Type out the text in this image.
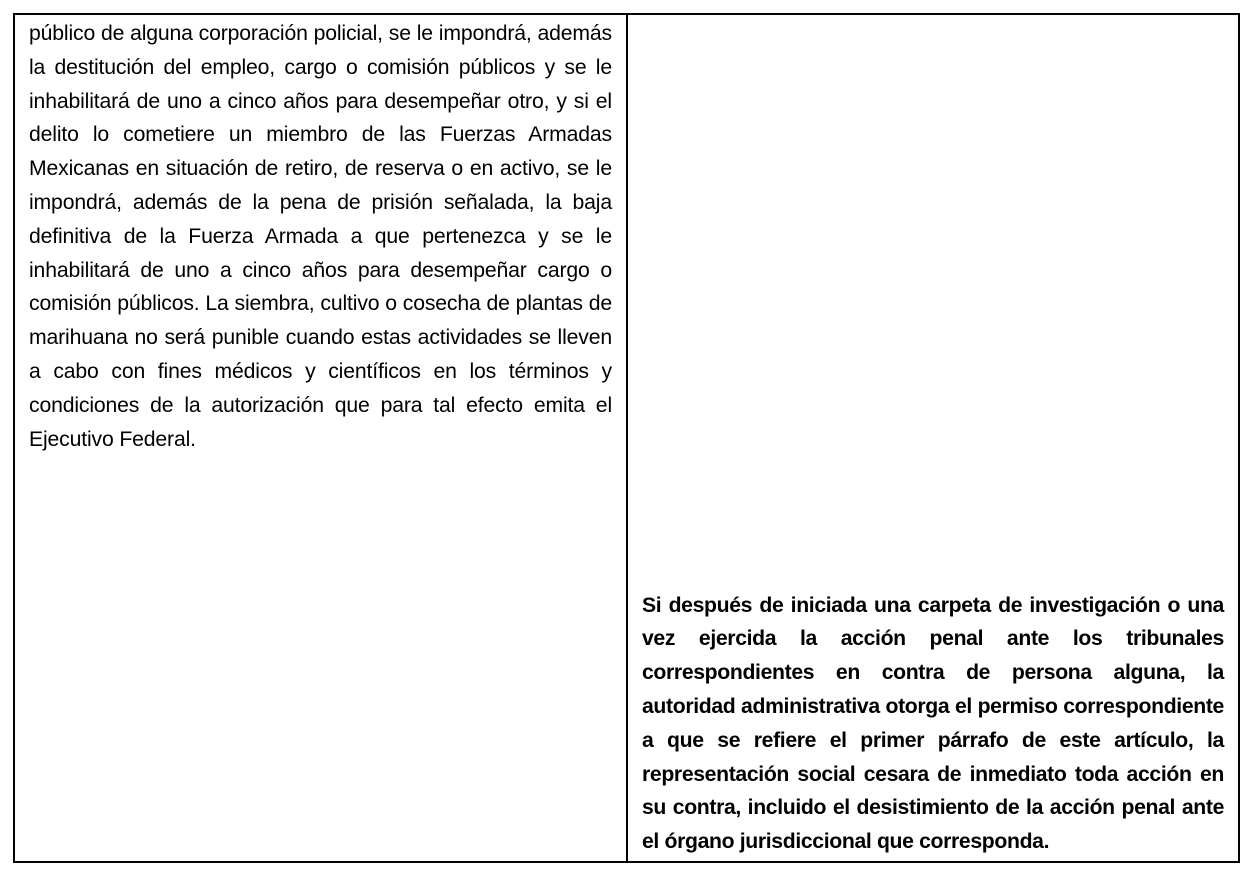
público de alguna corporación policial, se le impondrá, además la destitución del empleo, cargo o comisión públicos y se le inhabilitará de uno a cinco años para desempeñar otro, y si el delito lo cometiere un miembro de las Fuerzas Armadas Mexicanas en situación de retiro, de reserva o en activo, se le impondrá, además de la pena de prisión señalada, la baja definitiva de la Fuerza Armada a que pertenezca y se le inhabilitará de uno a cinco años para desempeñar cargo o comisión públicos. La siembra, cultivo o cosecha de plantas de marihuana no será punible cuando estas actividades se lleven a cabo con fines médicos y científicos en los términos y condiciones de la autorización que para tal efecto emita el Ejecutivo Federal.

Si después de iniciada una carpeta de investigación o una vez ejercida la acción penal ante los tribunales correspondientes en contra de persona alguna, la autoridad administrativa otorga el permiso correspondiente a que se refiere el primer párrafo de este artículo, la representación social cesara de inmediato toda acción en su contra, incluido el desistimiento de la acción penal ante el órgano jurisdiccional que corresponda.
